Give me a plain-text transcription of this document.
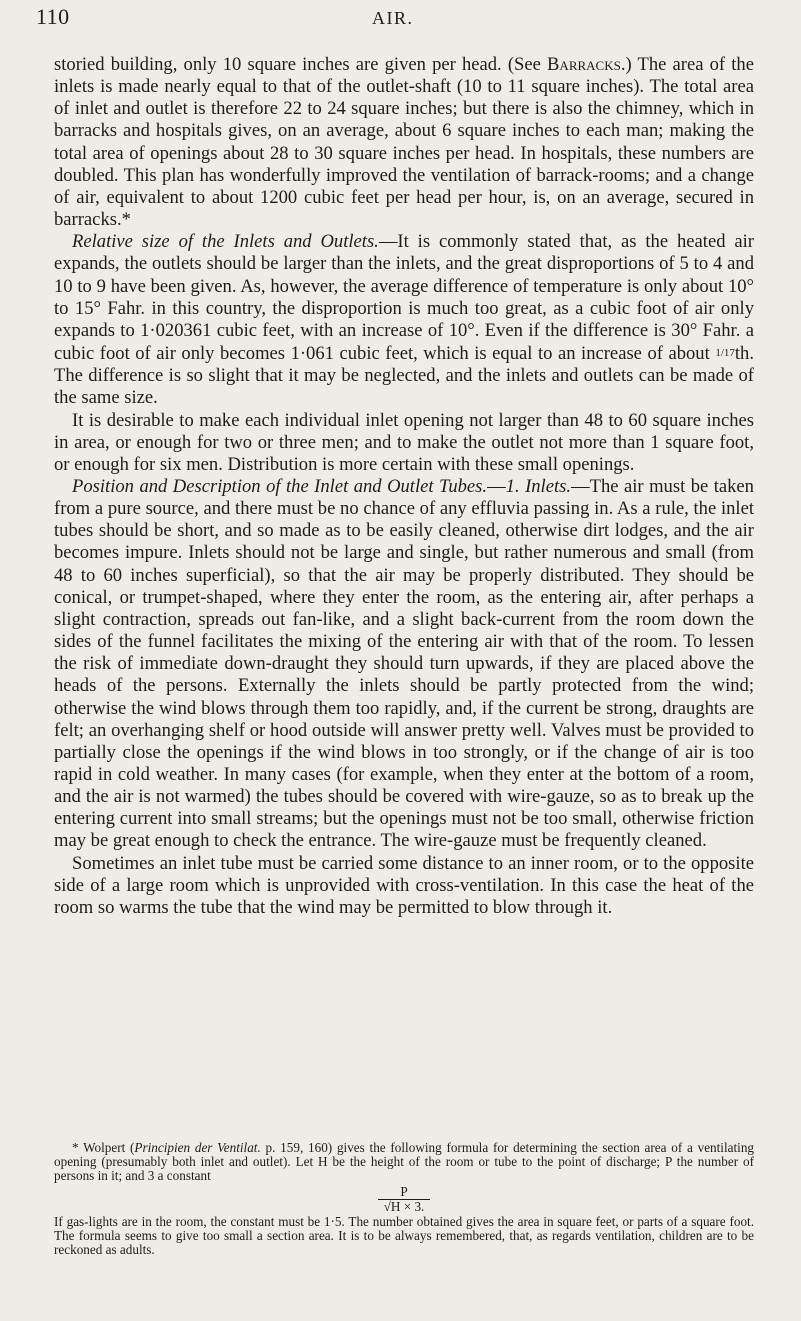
110	AIR.

storied building, only 10 square inches are given per head. (See Barracks.) The area of the inlets is made nearly equal to that of the outlet-shaft (10 to 11 square inches). The total area of inlet and outlet is therefore 22 to 24 square inches; but there is also the chimney, which in barracks and hospitals gives, on an average, about 6 square inches to each man; making the total area of openings about 28 to 30 square inches per head. In hospitals, these numbers are doubled. This plan has wonderfully improved the ventilation of barrack-rooms; and a change of air, equivalent to about 1200 cubic feet per head per hour, is, on an average, secured in barracks.*

Relative size of the Inlets and Outlets.—It is commonly stated that, as the heated air expands, the outlets should be larger than the inlets, and the great disproportions of 5 to 4 and 10 to 9 have been given. As, however, the average difference of temperature is only about 10° to 15° Fahr. in this country, the disproportion is much too great, as a cubic foot of air only expands to 1·020361 cubic feet, with an increase of 10°. Even if the difference is 30° Fahr. a cubic foot of air only becomes 1·061 cubic feet, which is equal to an increase of about 1/17th. The difference is so slight that it may be neglected, and the inlets and outlets can be made of the same size.

It is desirable to make each individual inlet opening not larger than 48 to 60 square inches in area, or enough for two or three men; and to make the outlet not more than 1 square foot, or enough for six men. Distribution is more certain with these small openings.

Position and Description of the Inlet and Outlet Tubes.—1. Inlets.—The air must be taken from a pure source, and there must be no chance of any effluvia passing in. As a rule, the inlet tubes should be short, and so made as to be easily cleaned, otherwise dirt lodges, and the air becomes impure. Inlets should not be large and single, but rather numerous and small (from 48 to 60 inches superficial), so that the air may be properly distributed. They should be conical, or trumpet-shaped, where they enter the room, as the entering air, after perhaps a slight contraction, spreads out fan-like, and a slight back-current from the room down the sides of the funnel facilitates the mixing of the entering air with that of the room. To lessen the risk of immediate down-draught they should turn upwards, if they are placed above the heads of the persons. Externally the inlets should be partly protected from the wind; otherwise the wind blows through them too rapidly, and, if the current be strong, draughts are felt; an overhanging shelf or hood outside will answer pretty well. Valves must be provided to partially close the openings if the wind blows in too strongly, or if the change of air is too rapid in cold weather. In many cases (for example, when they enter at the bottom of a room, and the air is not warmed) the tubes should be covered with wire-gauze, so as to break up the entering current into small streams; but the openings must not be too small, otherwise friction may be great enough to check the entrance. The wire-gauze must be frequently cleaned.

Sometimes an inlet tube must be carried some distance to an inner room, or to the opposite side of a large room which is unprovided with cross-ventilation. In this case the heat of the room so warms the tube that the wind may be permitted to blow through it.

* Wolpert (Principien der Ventilat. p. 159, 160) gives the following formula for determining the section area of a ventilating opening (presumably both inlet and outlet). Let H be the height of the room or tube to the point of discharge; P the number of persons in it; and 3 a constant

$\frac{P}{√H \times 3.}$

If gas-lights are in the room, the constant must be 1·5. The number obtained gives the area in square feet, or parts of a square foot. The formula seems to give too small a section area. It is to be always remembered, that, as regards ventilation, children are to be reckoned as adults.
